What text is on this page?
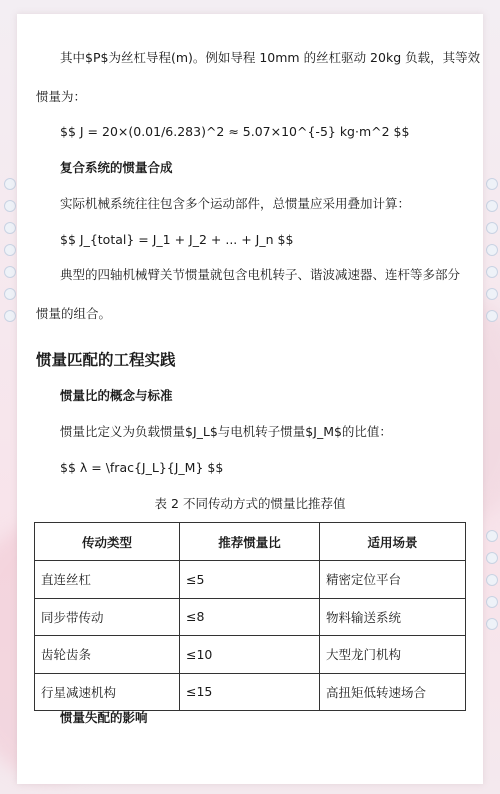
其中$P$为丝杠导程(m)。例如导程 10mm 的丝杠驱动 20kg 负载，其等效
惯量为：
$$ J = 20×(0.01/6.283)^2 ≈ 5.07×10^{-5} kg·m^2 $$
复合系统的惯量合成
实际机械系统往往包含多个运动部件，总惯量应采用叠加计算：
$$ J_{total} = J_1 + J_2 + ... + J_n $$
典型的四轴机械臂关节惯量就包含电机转子、谐波减速器、连杆等多部分
惯量的组合。
惯量匹配的工程实践
惯量比的概念与标准
惯量比定义为负载惯量$J_L$与电机转子惯量$J_M$的比值：
$$ λ = \frac{J_L}{J_M} $$
表 2 不同传动方式的惯量比推荐值
传动类型	推荐惯量比	适用场景
直连丝杠	≤5	精密定位平台
同步带传动	≤8	物料输送系统
齿轮齿条	≤10	大型龙门机构
行星减速机构	≤15	高扭矩低转速场合
惯量失配的影响
